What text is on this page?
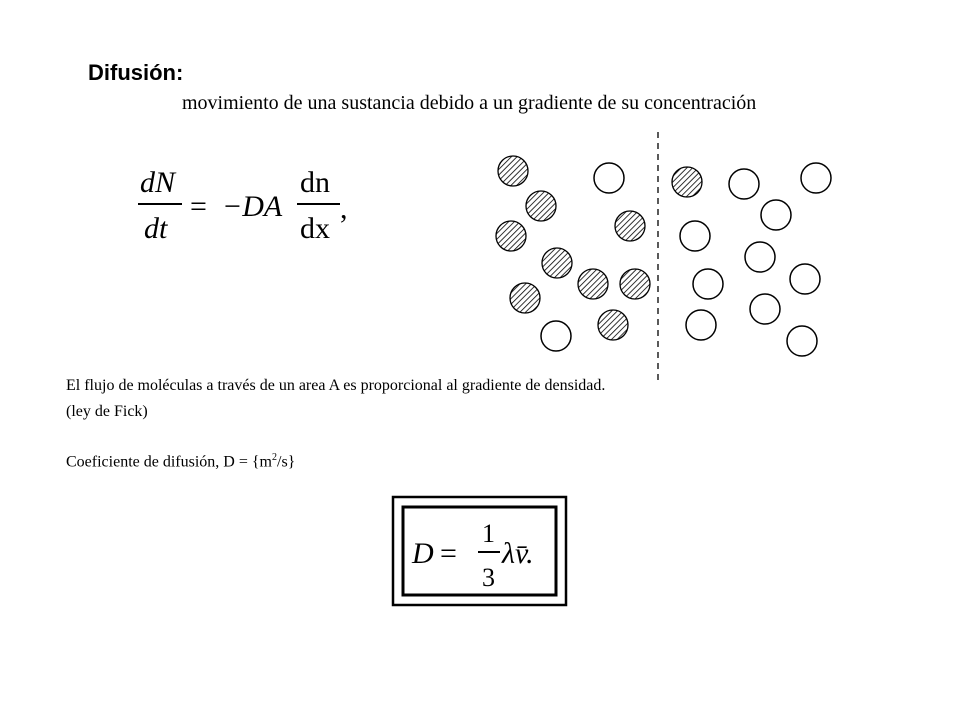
Difusión:
movimiento de una sustancia debido a un gradiente de su concentración
dN
dt
= −DA
dn
dx
,
El flujo de moléculas a través de un area A es proporcional al gradiente de densidad.
(ley de Fick)
Coeficiente de difusión, $D = \{m^2/s\}$
D =
1
3
λv̄.
